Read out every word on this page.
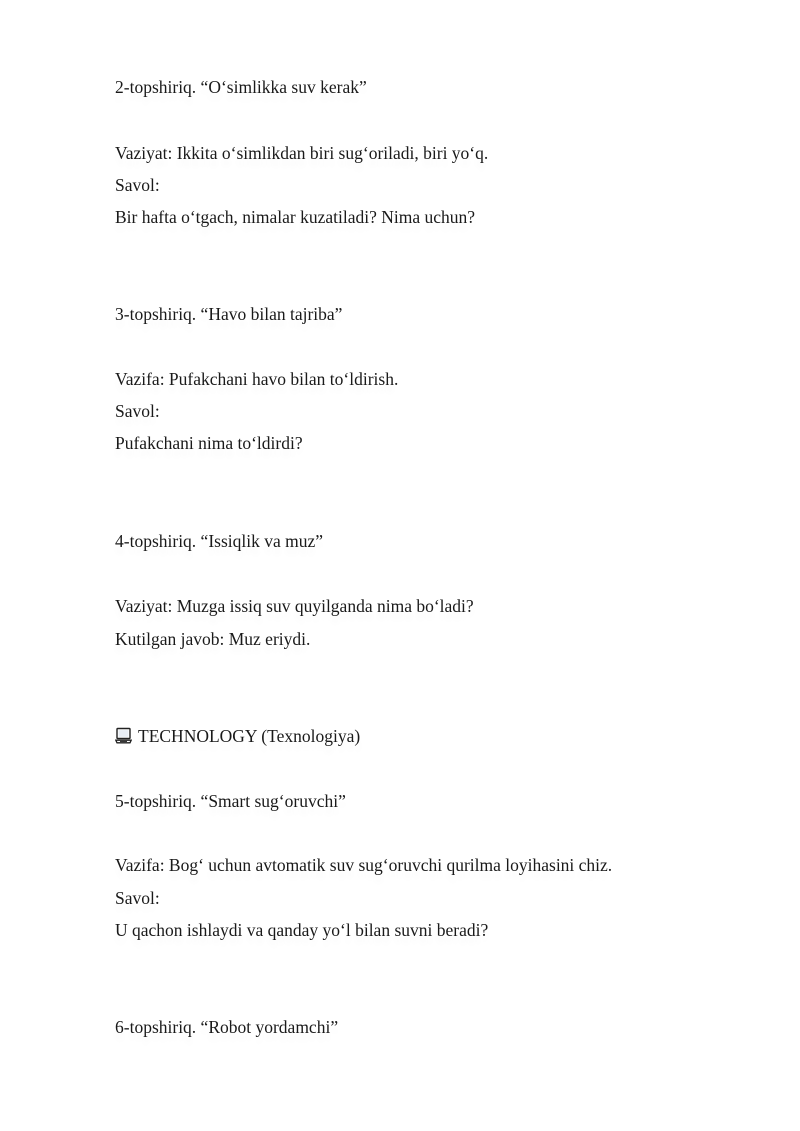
2-topshiriq. “O‘simlikka suv kerak”
Vaziyat: Ikkita o‘simlikdan biri sug‘oriladi, biri yo‘q.
Savol:
Bir hafta o‘tgach, nimalar kuzatiladi? Nima uchun?
3-topshiriq. “Havo bilan tajriba”
Vazifa: Pufakchani havo bilan to‘ldirish.
Savol:
Pufakchani nima to‘ldirdi?
4-topshiriq. “Issiqlik va muz”
Vaziyat: Muzga issiq suv quyilganda nima bo‘ladi?
Kutilgan javob: Muz eriydi.
TECHNOLOGY (Texnologiya)
5-topshiriq. “Smart sug‘oruvchi”
Vazifa: Bog‘ uchun avtomatik suv sug‘oruvchi qurilma loyihasini chiz.
Savol:
U qachon ishlaydi va qanday yo‘l bilan suvni beradi?
6-topshiriq. “Robot yordamchi”
